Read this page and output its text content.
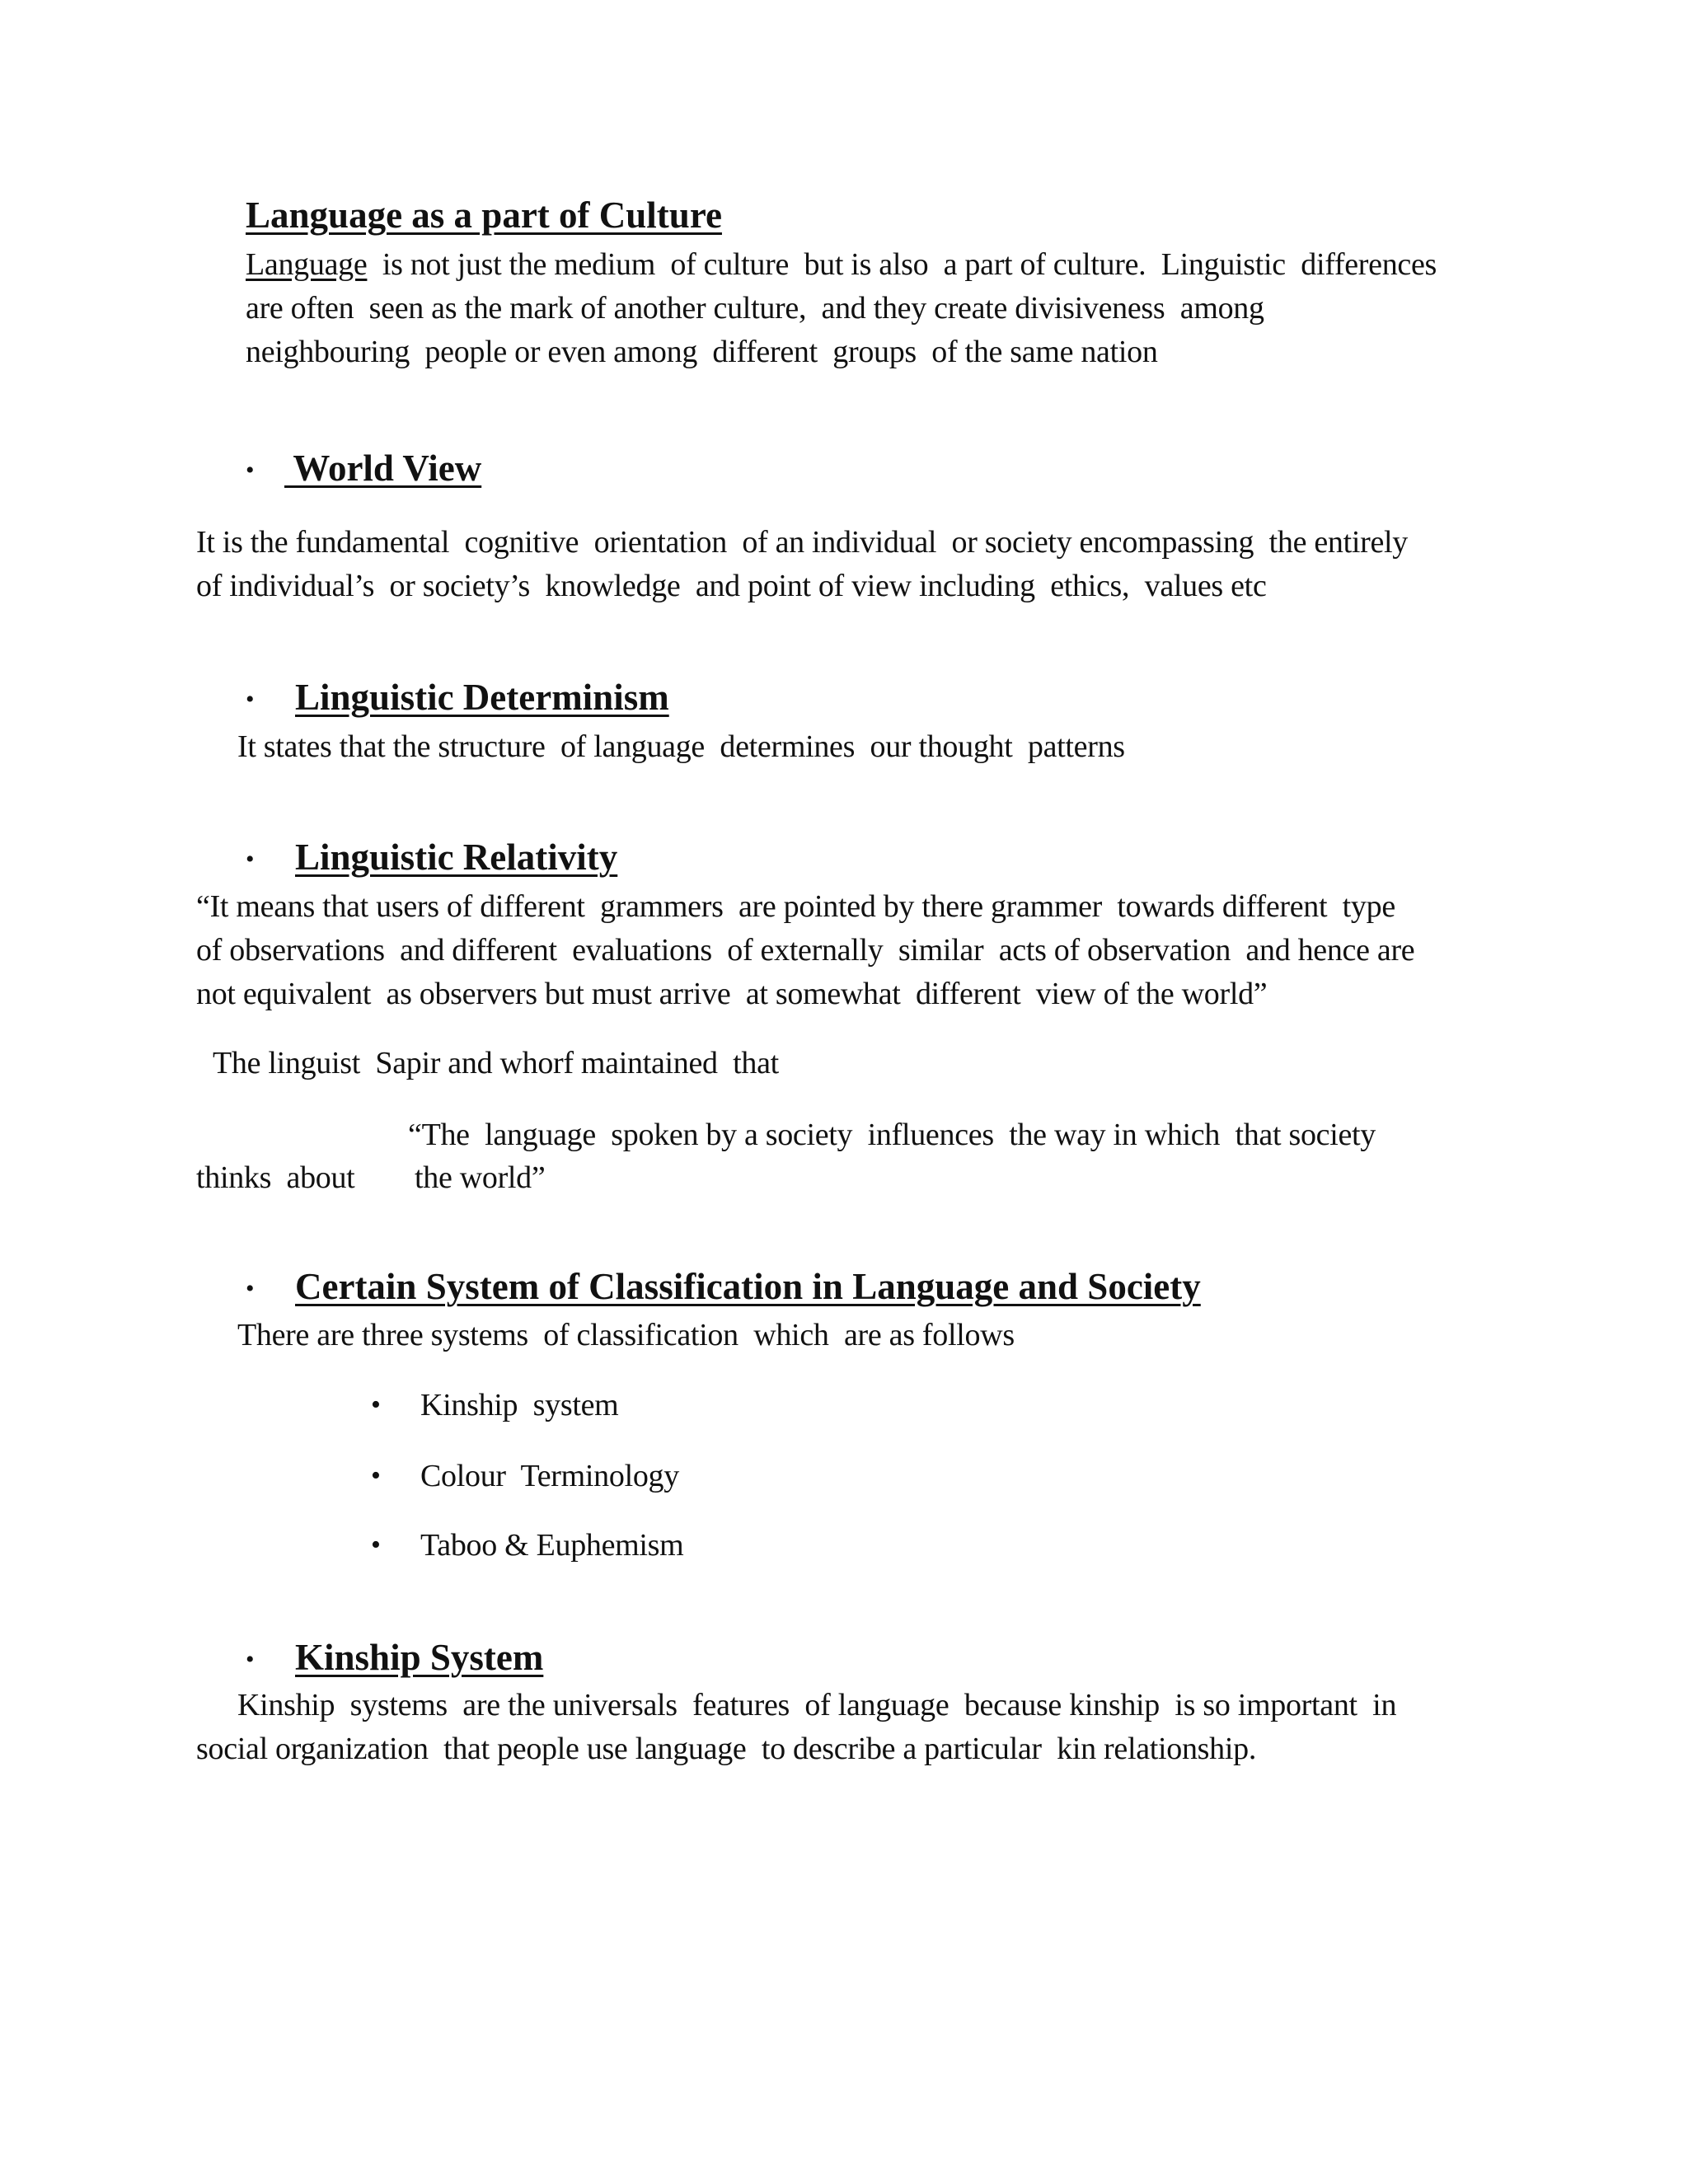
Language as a part of Culture
Language  is not just the medium  of culture  but is also  a part of culture.  Linguistic  differences
are often  seen as the mark of another culture,  and they create divisiveness  among
neighbouring  people or even among  different  groups  of the same nation
• World View
It is the fundamental  cognitive  orientation  of an individual  or society encompassing  the entirely
of individual’s  or society’s  knowledge  and point of view including  ethics,  values etc
• Linguistic Determinism
It states that the structure  of language  determines  our thought  patterns
• Linguistic Relativity
“It means that users of different  grammers  are pointed by there grammer  towards different  type
of observations  and different  evaluations  of externally  similar  acts of observation  and hence are
not equivalent  as observers but must arrive  at somewhat  different  view of the world”
The linguist  Sapir and whorf maintained  that
“The  language  spoken by a society  influences  the way in which  that society
thinks  about the world”
• Certain System of Classification in Language and Society
There are three systems  of classification  which  are as follows
• Kinship  system
• Colour  Terminology
• Taboo & Euphemism
• Kinship System
Kinship  systems  are the universals  features  of language  because kinship  is so important  in
social organization  that people use language  to describe a particular  kin relationship.
